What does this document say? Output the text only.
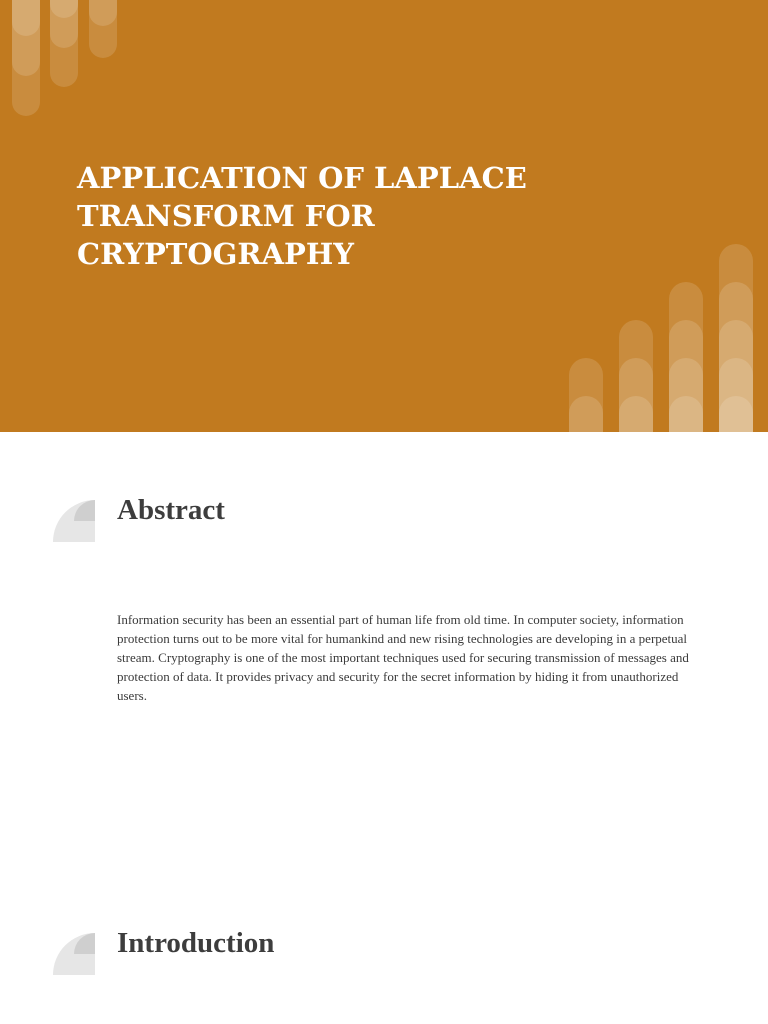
APPLICATION OF LAPLACE TRANSFORM FOR CRYPTOGRAPHY
Abstract

Information security has been an essential part of human life from old time. In computer society, information protection turns out to be more vital for humankind and new rising technologies are developing in a perpetual stream. Cryptography is one of the most important techniques used for securing transmission of messages and protection of data. It provides privacy and security for the secret information by hiding it from unauthorized users.

Introduction
